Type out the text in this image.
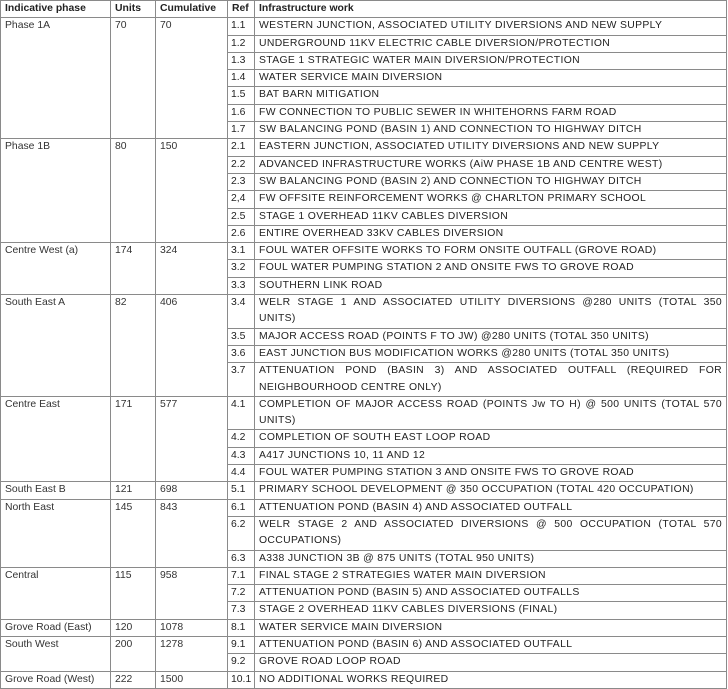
Indicative phase	Units	Cumulative	Ref	Infrastructure work
Phase 1A	70	70	1.1	WESTERN JUNCTION, ASSOCIATED UTILITY DIVERSIONS AND NEW SUPPLY
			1.2	UNDERGROUND 11KV ELECTRIC CABLE DIVERSION/PROTECTION
			1.3	STAGE 1 STRATEGIC WATER MAIN DIVERSION/PROTECTION
			1.4	WATER SERVICE MAIN DIVERSION
			1.5	BAT BARN MITIGATION
			1.6	FW CONNECTION TO PUBLIC SEWER IN WHITEHORNS FARM ROAD
			1.7	SW BALANCING POND (BASIN 1) AND CONNECTION TO HIGHWAY DITCH
Phase 1B	80	150	2.1	EASTERN JUNCTION, ASSOCIATED UTILITY DIVERSIONS AND NEW SUPPLY
			2.2	ADVANCED INFRASTRUCTURE WORKS (AiW PHASE 1B AND CENTRE WEST)
			2.3	SW BALANCING POND (BASIN 2) AND CONNECTION TO HIGHWAY DITCH
			2,4	FW OFFSITE REINFORCEMENT WORKS @ CHARLTON PRIMARY SCHOOL
			2.5	STAGE 1 OVERHEAD 11KV CABLES DIVERSION
			2.6	ENTIRE OVERHEAD 33KV CABLES DIVERSION
Centre West (a)	174	324	3.1	FOUL WATER OFFSITE WORKS TO FORM ONSITE OUTFALL (GROVE ROAD)
			3.2	FOUL WATER PUMPING STATION 2 AND ONSITE FWS TO GROVE ROAD
			3.3	SOUTHERN LINK ROAD
South East A	82	406	3.4	WELR STAGE 1 AND ASSOCIATED UTILITY DIVERSIONS @280 UNITS (TOTAL 350 UNITS)
			3.5	MAJOR ACCESS ROAD (POINTS F TO JW) @280 UNITS (TOTAL 350 UNITS)
			3.6	EAST JUNCTION BUS MODIFICATION WORKS @280 UNITS (TOTAL 350 UNITS)
			3.7	ATTENUATION POND (BASIN 3) AND ASSOCIATED OUTFALL (REQUIRED FOR NEIGHBOURHOOD CENTRE ONLY)
Centre East	171	577	4.1	COMPLETION OF MAJOR ACCESS ROAD (POINTS Jw TO H) @ 500 UNITS (TOTAL 570 UNITS)
			4.2	COMPLETION OF SOUTH EAST LOOP ROAD
			4.3	A417 JUNCTIONS 10, 11 AND 12
			4.4	FOUL WATER PUMPING STATION 3 AND ONSITE FWS TO GROVE ROAD
South East B	121	698	5.1	PRIMARY SCHOOL DEVELOPMENT @ 350 OCCUPATION (TOTAL 420 OCCUPATION)
North East	145	843	6.1	ATTENUATION POND (BASIN 4) AND ASSOCIATED OUTFALL
			6.2	WELR STAGE 2 AND ASSOCIATED DIVERSIONS @ 500 OCCUPATION (TOTAL 570 OCCUPATIONS)
			6.3	A338 JUNCTION 3B @ 875 UNITS (TOTAL 950 UNITS)
Central	115	958	7.1	FINAL STAGE 2 STRATEGIES WATER MAIN DIVERSION
			7.2	ATTENUATION POND (BASIN 5) AND ASSOCIATED OUTFALLS
			7.3	STAGE 2 OVERHEAD 11KV CABLES DIVERSIONS (FINAL)
Grove Road (East)	120	1078	8.1	WATER SERVICE MAIN DIVERSION
South West	200	1278	9.1	ATTENUATION POND (BASIN 6) AND ASSOCIATED OUTFALL
			9.2	GROVE ROAD LOOP ROAD
Grove Road (West)	222	1500	10.1	NO ADDITIONAL WORKS REQUIRED
